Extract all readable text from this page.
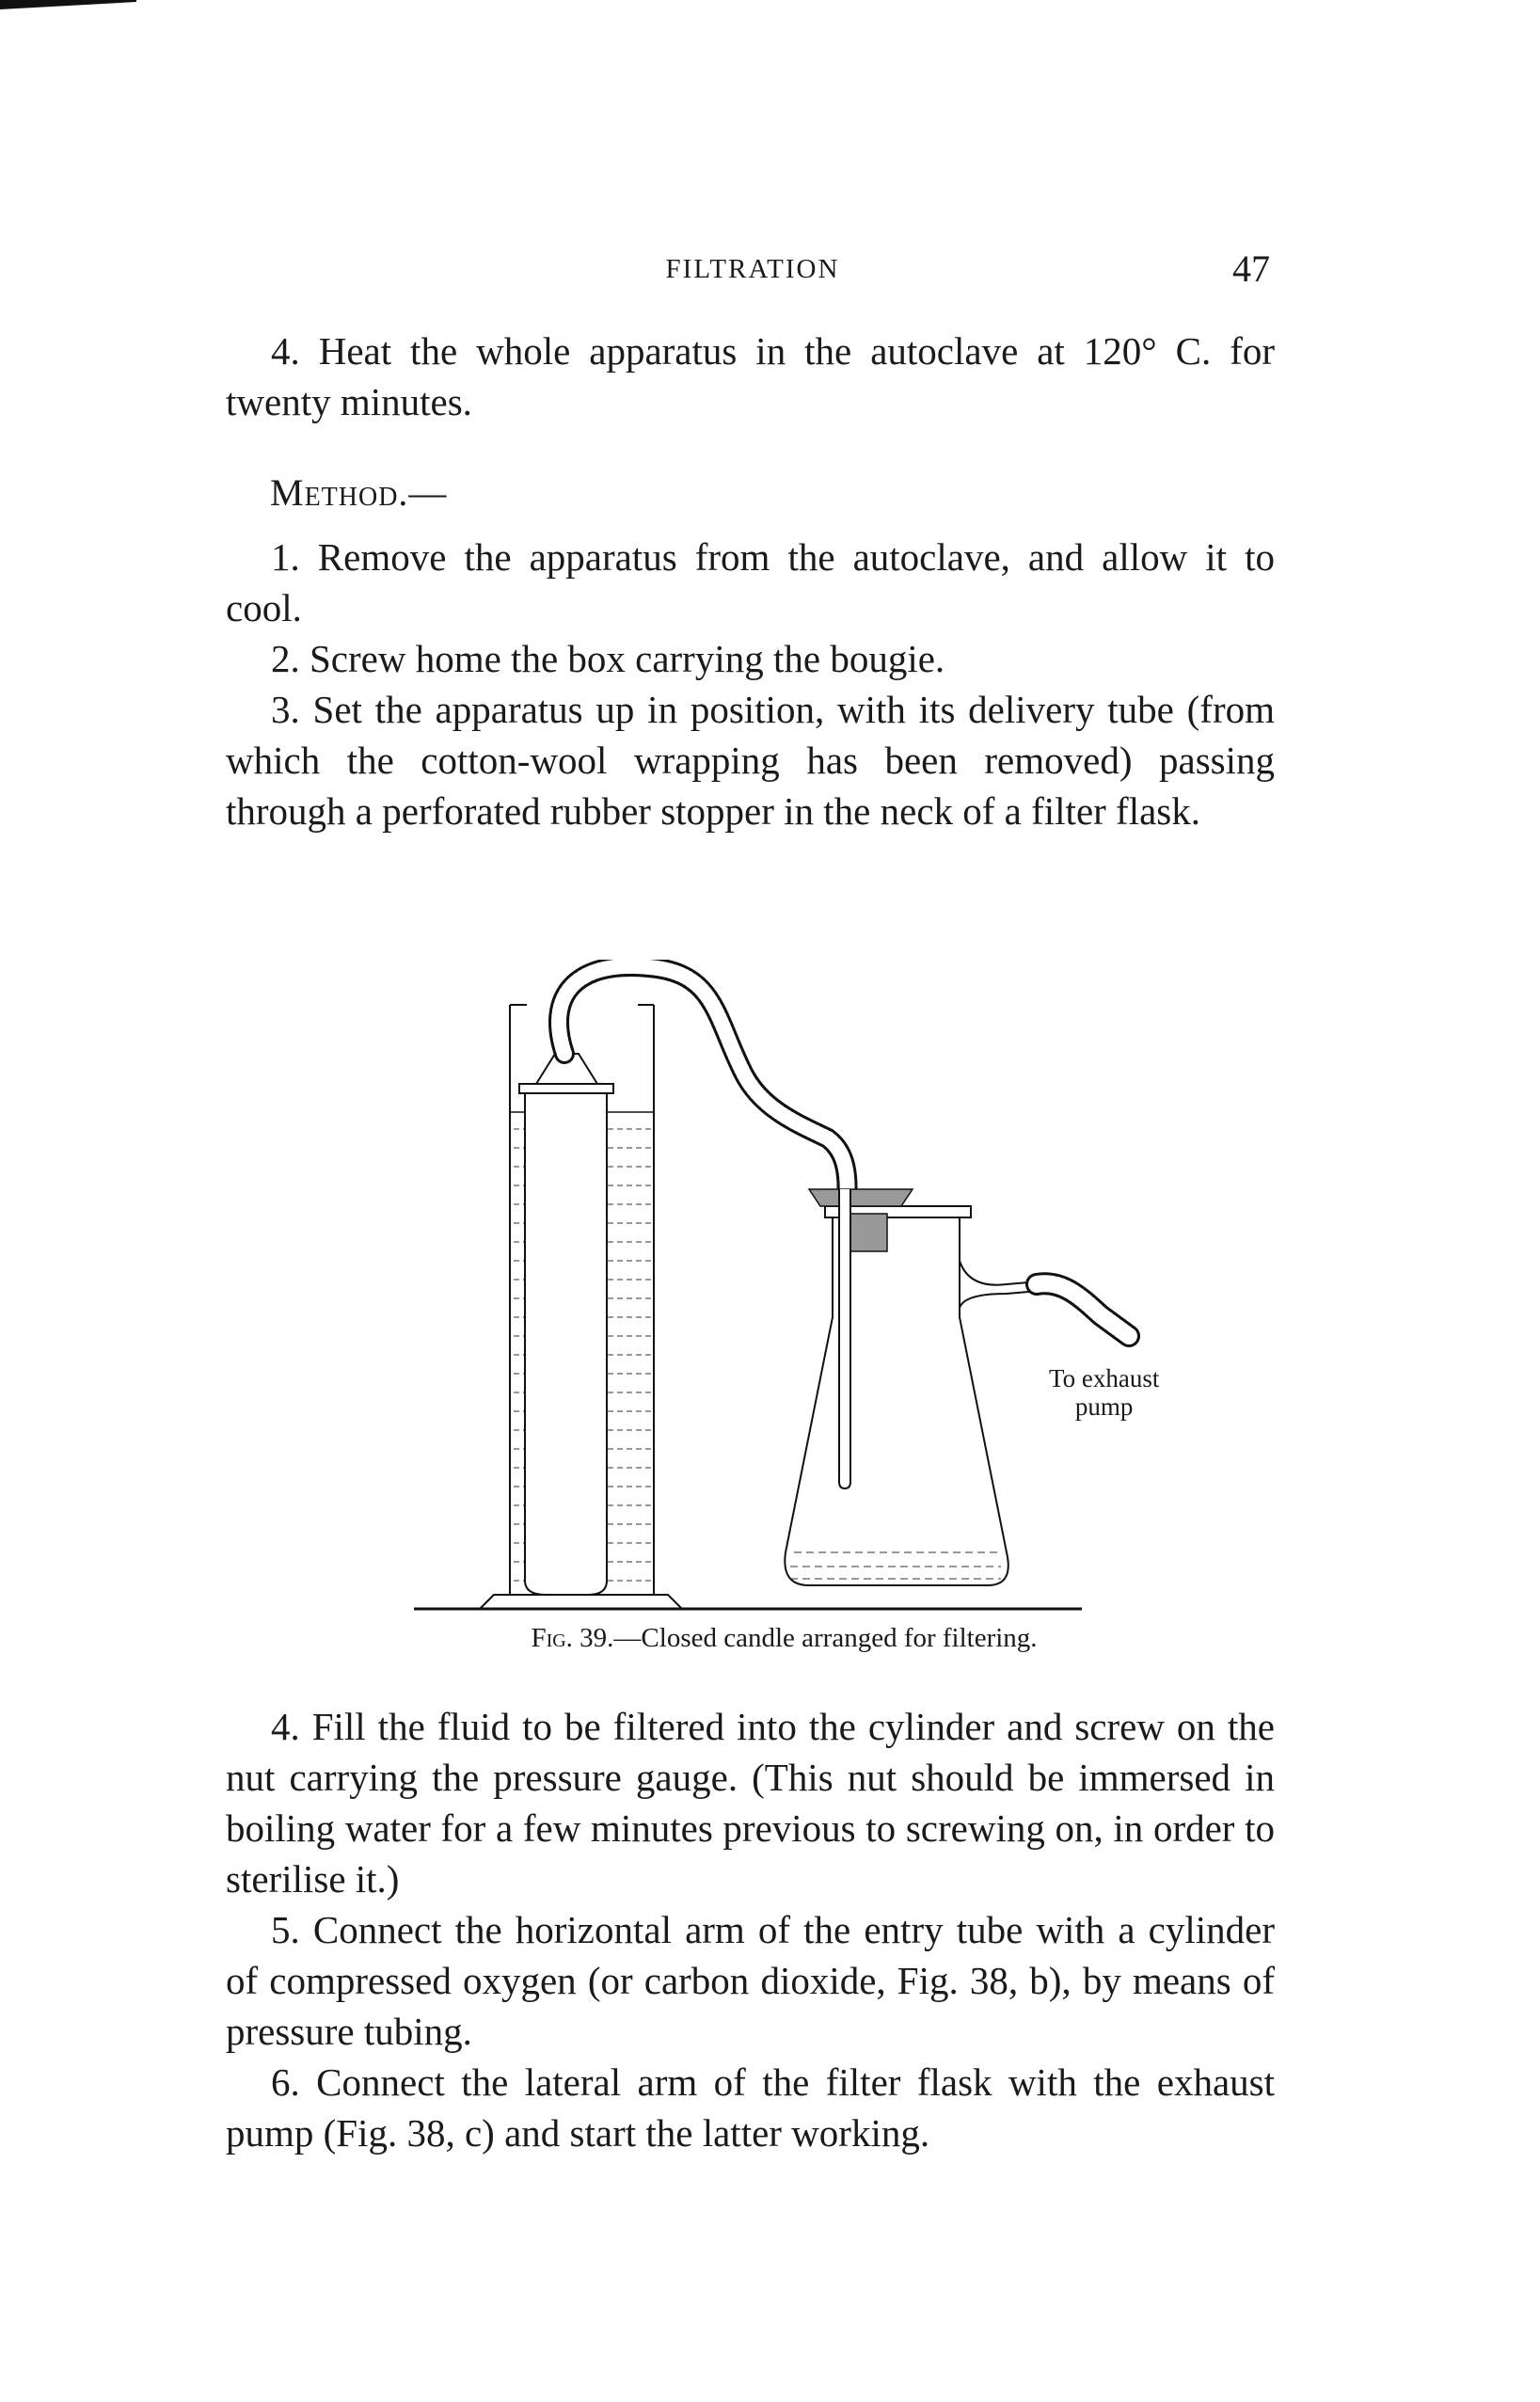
FILTRATION	47

4. Heat the whole apparatus in the autoclave at 120° C. for twenty minutes.

Method.—

1. Remove the apparatus from the autoclave, and allow it to cool.

2. Screw home the box carrying the bougie.

3. Set the apparatus up in position, with its delivery tube (from which the cotton-wool wrapping has been removed) passing through a perforated rubber stopper in the neck of a filter flask.

To exhaust
pump
Fig. 39.—Closed candle arranged for filtering.

4. Fill the fluid to be filtered into the cylinder and screw on the nut carrying the pressure gauge. (This nut should be immersed in boiling water for a few minutes previous to screwing on, in order to sterilise it.)

5. Connect the horizontal arm of the entry tube with a cylinder of compressed oxygen (or carbon dioxide, Fig. 38, b), by means of pressure tubing.

6. Connect the lateral arm of the filter flask with the exhaust pump (Fig. 38, c) and start the latter working.
